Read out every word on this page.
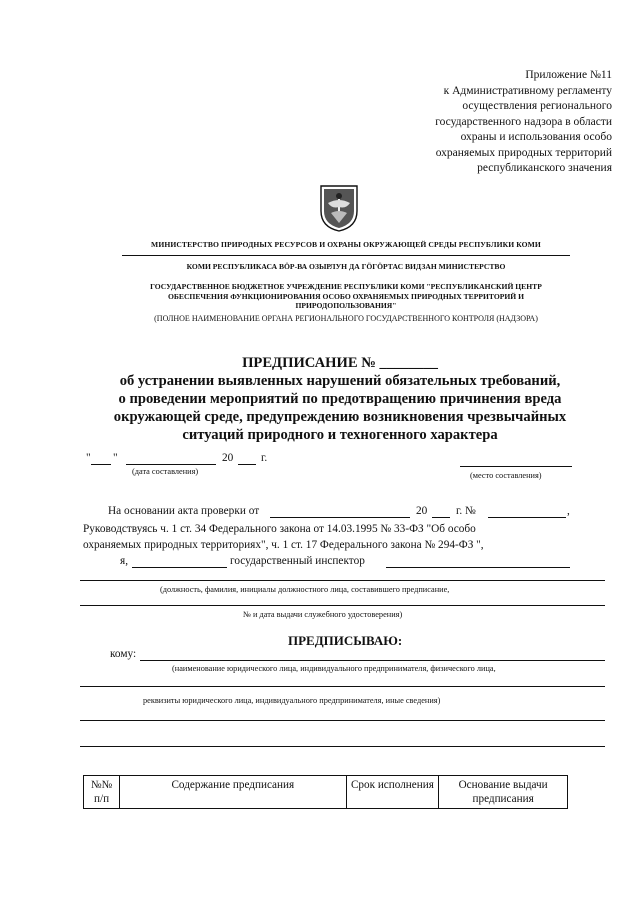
Приложение №11
к Административному регламенту
осуществления регионального
государственного надзора в области
охраны и использования особо
охраняемых природных территорий
республиканского значения
МИНИСТЕРСТВО ПРИРОДНЫХ РЕСУРСОВ И ОХРАНЫ ОКРУЖАЮЩЕЙ СРЕДЫ РЕСПУБЛИКИ КОМИ
КОМИ РЕСПУБЛИКАСА ВӦР-ВА ОЗЫРЛУН ДА ГӦГӦРТАС ВИДЗАН МИНИСТЕРСТВО
ГОСУДАРСТВЕННОЕ БЮДЖЕТНОЕ УЧРЕЖДЕНИЕ РЕСПУБЛИКИ КОМИ "РЕСПУБЛИКАНСКИЙ ЦЕНТР
ОБЕСПЕЧЕНИЯ ФУНКЦИОНИРОВАНИЯ ОСОБО ОХРАНЯЕМЫХ ПРИРОДНЫХ ТЕРРИТОРИЙ И
ПРИРОДОПОЛЬЗОВАНИЯ"
(ПОЛНОЕ НАИМЕНОВАНИЕ ОРГАНА РЕГИОНАЛЬНОГО ГОСУДАРСТВЕННОГО КОНТРОЛЯ (НАДЗОРА)
ПРЕДПИСАНИЕ № ________
об устранении выявленных нарушений обязательных требований,
о проведении мероприятий по предотвращению причинения вреда
окружающей среде, предупреждению возникновения чрезвычайных
ситуаций природного и техногенного характера
" "	20 г.
(дата составления)	(место составления)
На основании акта проверки от	20	г. №	,
Руководствуясь ч. 1 ст. 34 Федерального закона от 14.03.1995 № 33-ФЗ "Об особо
охраняемых природных территориях", ч. 1 ст. 17 Федерального закона № 294-ФЗ ",
я,	государственный инспектор
(должность, фамилия, инициалы должностного лица, составившего предписание,
№ и дата выдачи служебного удостоверения)
ПРЕДПИСЫВАЮ:
кому:
(наименование юридического лица, индивидуального предпринимателя, физического лица,
реквизиты юридического лица, индивидуального предпринимателя, иные сведения)
№№ п/п	Содержание предписания	Срок исполнения	Основание выдачи предписания
